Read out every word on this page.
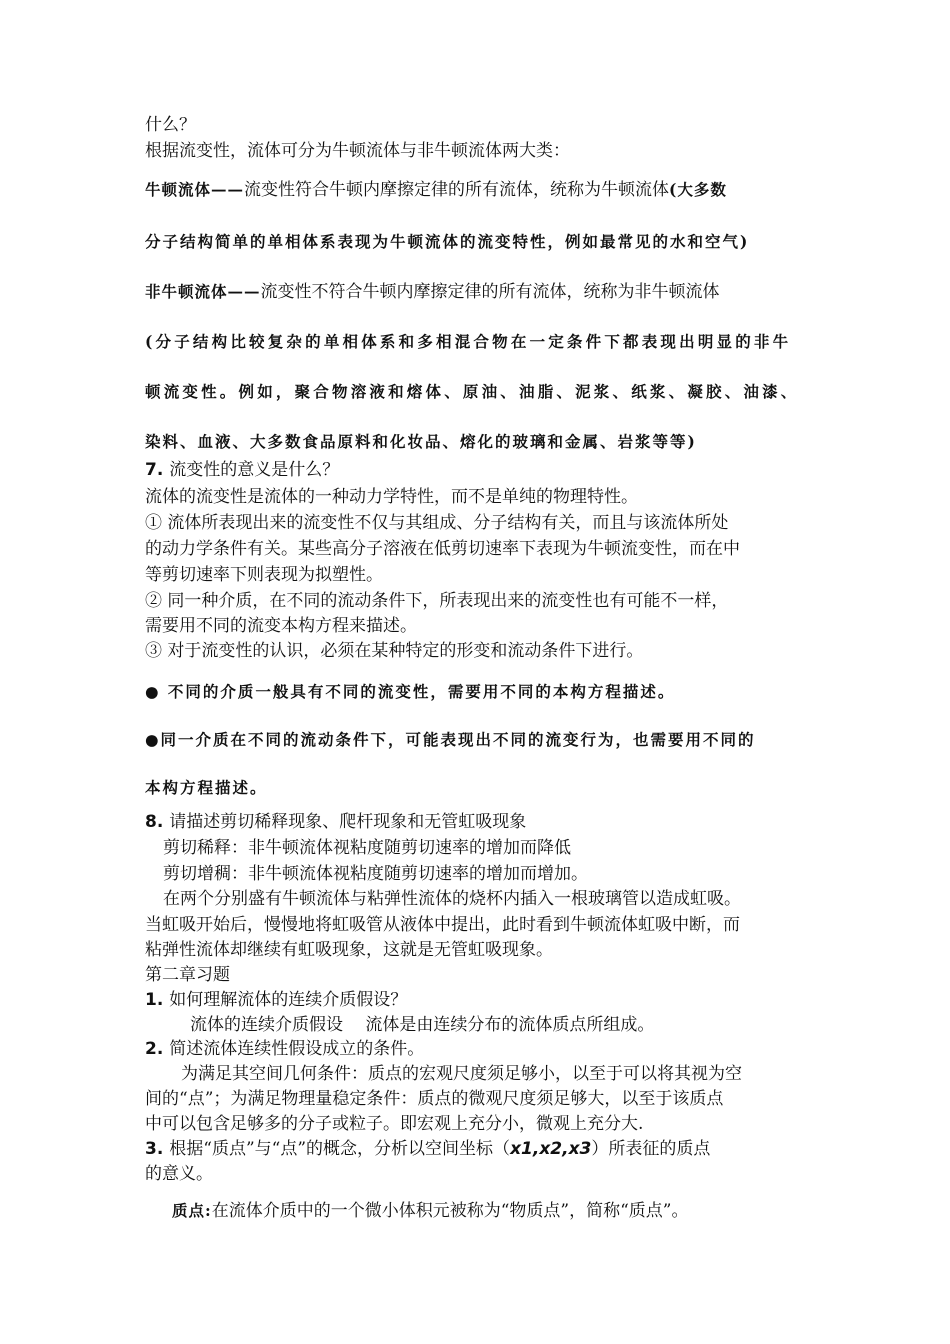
什么？
根据流变性，流体可分为牛顿流体与非牛顿流体两大类：
牛顿流体——流变性符合牛顿内摩擦定律的所有流体，统称为牛顿流体(大多数
分子结构简单的单相体系表现为牛顿流体的流变特性，例如最常见的水和空气)
非牛顿流体——流变性不符合牛顿内摩擦定律的所有流体，统称为非牛顿流体
(分子结构比较复杂的单相体系和多相混合物在一定条件下都表现出明显的非牛
顿流变性。例如，聚合物溶液和熔体、原油、油脂、泥浆、纸浆、凝胶、油漆、
染料、血液、大多数食品原料和化妆品、熔化的玻璃和金属、岩浆等等)
7. 流变性的意义是什么？
流体的流变性是流体的一种动力学特性，而不是单纯的物理特性。
① 流体所表现出来的流变性不仅与其组成、分子结构有关，而且与该流体所处
的动力学条件有关。某些高分子溶液在低剪切速率下表现为牛顿流变性，而在中
等剪切速率下则表现为拟塑性。
② 同一种介质，在不同的流动条件下，所表现出来的流变性也有可能不一样，
需要用不同的流变本构方程来描述。
③ 对于流变性的认识，必须在某种特定的形变和流动条件下进行。
● 不同的介质一般具有不同的流变性，需要用不同的本构方程描述。
●同一介质在不同的流动条件下，可能表现出不同的流变行为，也需要用不同的
本构方程描述。
8. 请描述剪切稀释现象、爬杆现象和无管虹吸现象
剪切稀释：非牛顿流体视粘度随剪切速率的增加而降低
剪切增稠：非牛顿流体视粘度随剪切速率的增加而增加。
在两个分别盛有牛顿流体与粘弹性流体的烧杯内插入一根玻璃管以造成虹吸。
当虹吸开始后，慢慢地将虹吸管从液体中提出，此时看到牛顿流体虹吸中断，而
粘弹性流体却继续有虹吸现象，这就是无管虹吸现象。
第二章习题
1. 如何理解流体的连续介质假设？
流体的连续介质假设　 流体是由连续分布的流体质点所组成。
2. 简述流体连续性假设成立的条件。
为满足其空间几何条件：质点的宏观尺度须足够小，以至于可以将其视为空
间的“点”；为满足物理量稳定条件：质点的微观尺度须足够大，以至于该质点
中可以包含足够多的分子或粒子。即宏观上充分小，微观上充分大.
3. 根据“质点”与“点”的概念，分析以空间坐标（x1,x2,x3）所表征的质点
的意义。
质点:在流体介质中的一个微小体积元被称为“物质点”，简称“质点”。
